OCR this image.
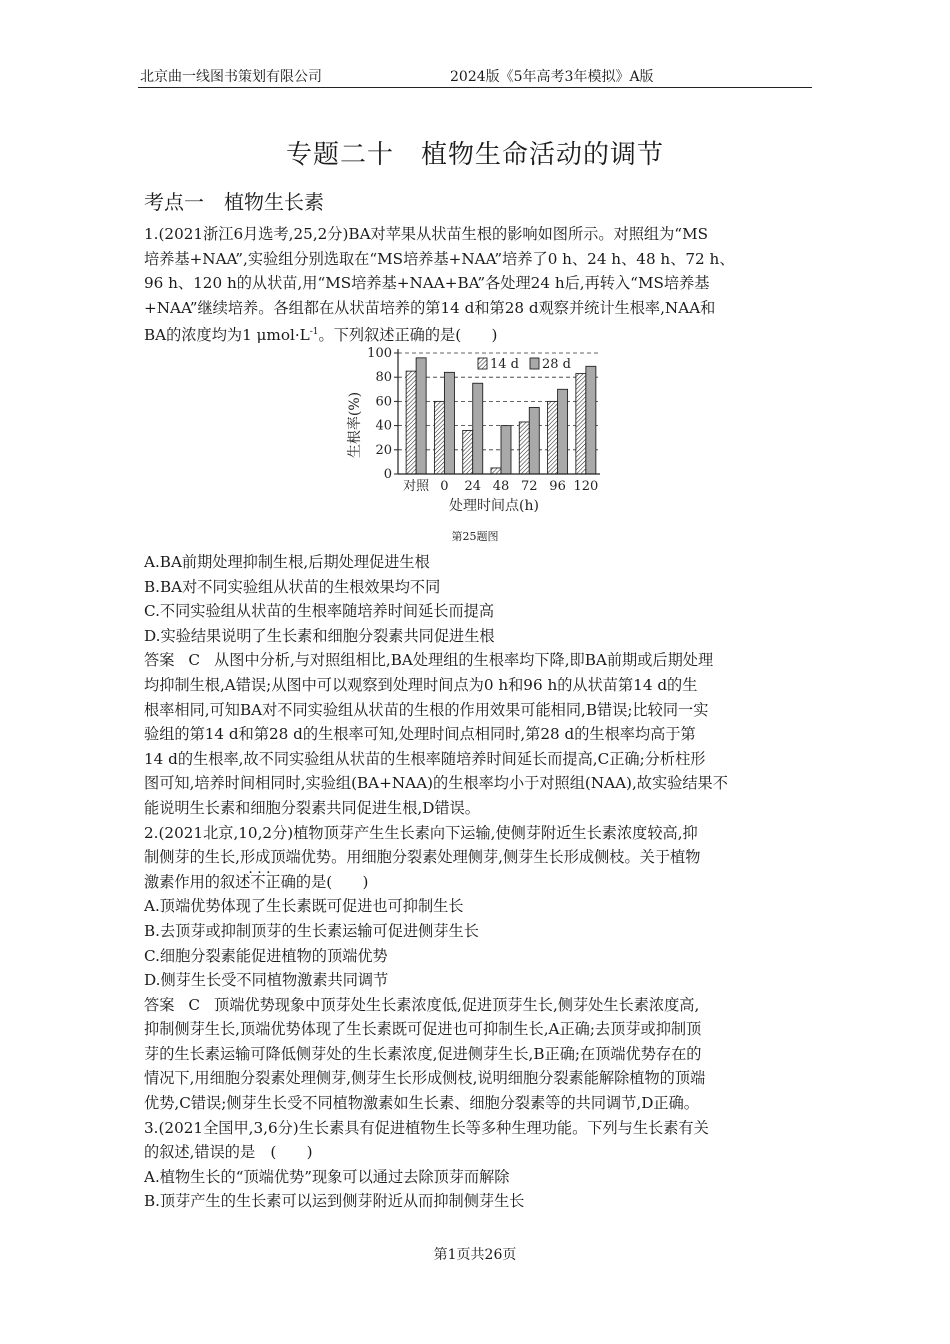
北京曲一线图书策划有限公司	2024版《5年高考3年模拟》A版
专题二十　植物生命活动的调节
考点一　植物生长素

1.(2021浙江6月选考,25,2分)BA对苹果从状苗生根的影响如图所示。对照组为“MS

培养基+NAA”,实验组分别选取在“MS培养基+NAA”培养了0 h、24 h、48 h、72 h、

96 h、120 h的从状苗,用“MS培养基+NAA+BA”各处理24 h后,再转入“MS培养基

+NAA”继续培养。各组都在从状苗培养的第14 d和第28 d观察并统计生根率,NAA和

BA的浓度均为1 $\mu mol\cdot L^{-1}$。下列叙述正确的是(　　)

0
20
40
60
80
100
对照 0 24 48 72 96 120
14 d 28 d
生根率(%)
处理时间点(h)
第25题图

A.BA前期处理抑制生根,后期处理促进生根

B.BA对不同实验组从状苗的生根效果均不同

C.不同实验组从状苗的生根率随培养时间延长而提高

D.实验结果说明了生长素和细胞分裂素共同促进生根

答案 C 从图中分析,与对照组相比,BA处理组的生根率均下降,即BA前期或后期处理

均抑制生根,A错误;从图中可以观察到处理时间点为0 h和96 h的从状苗第14 d的生

根率相同,可知BA对不同实验组从状苗的生根的作用效果可能相同,B错误;比较同一实

验组的第14 d和第28 d的生根率可知,处理时间点相同时,第28 d的生根率均高于第

14 d的生根率,故不同实验组从状苗的生根率随培养时间延长而提高,C正确;分析柱形

图可知,培养时间相同时,实验组(BA+NAA)的生根率均小于对照组(NAA),故实验结果不

能说明生长素和细胞分裂素共同促进生根,D错误。

2.(2021北京,10,2分)植物顶芽产生生长素向下运输,使侧芽附近生长素浓度较高,抑

制侧芽的生长,形成顶端优势。用细胞分裂素处理侧芽,侧芽生长形成侧枝。关于植物

激素作用的叙述· · · 不正确的是(　　)

A.顶端优势体现了生长素既可促进也可抑制生长

B.去顶芽或抑制顶芽的生长素运输可促进侧芽生长

C.细胞分裂素能促进植物的顶端优势

D.侧芽生长受不同植物激素共同调节

答案 C 顶端优势现象中顶芽处生长素浓度低,促进顶芽生长,侧芽处生长素浓度高,

抑制侧芽生长,顶端优势体现了生长素既可促进也可抑制生长,A正确;去顶芽或抑制顶

芽的生长素运输可降低侧芽处的生长素浓度,促进侧芽生长,B正确;在顶端优势存在的

情况下,用细胞分裂素处理侧芽,侧芽生长形成侧枝,说明细胞分裂素能解除植物的顶端

优势,C错误;侧芽生长受不同植物激素如生长素、细胞分裂素等的共同调节,D正确。

3.(2021全国甲,3,6分)生长素具有促进植物生长等多种生理功能。下列与生长素有关

的叙述,错误的是　(　　)

A.植物生长的“顶端优势”现象可以通过去除顶芽而解除

B.顶芽产生的生长素可以运到侧芽附近从而抑制侧芽生长

第1页共26页
